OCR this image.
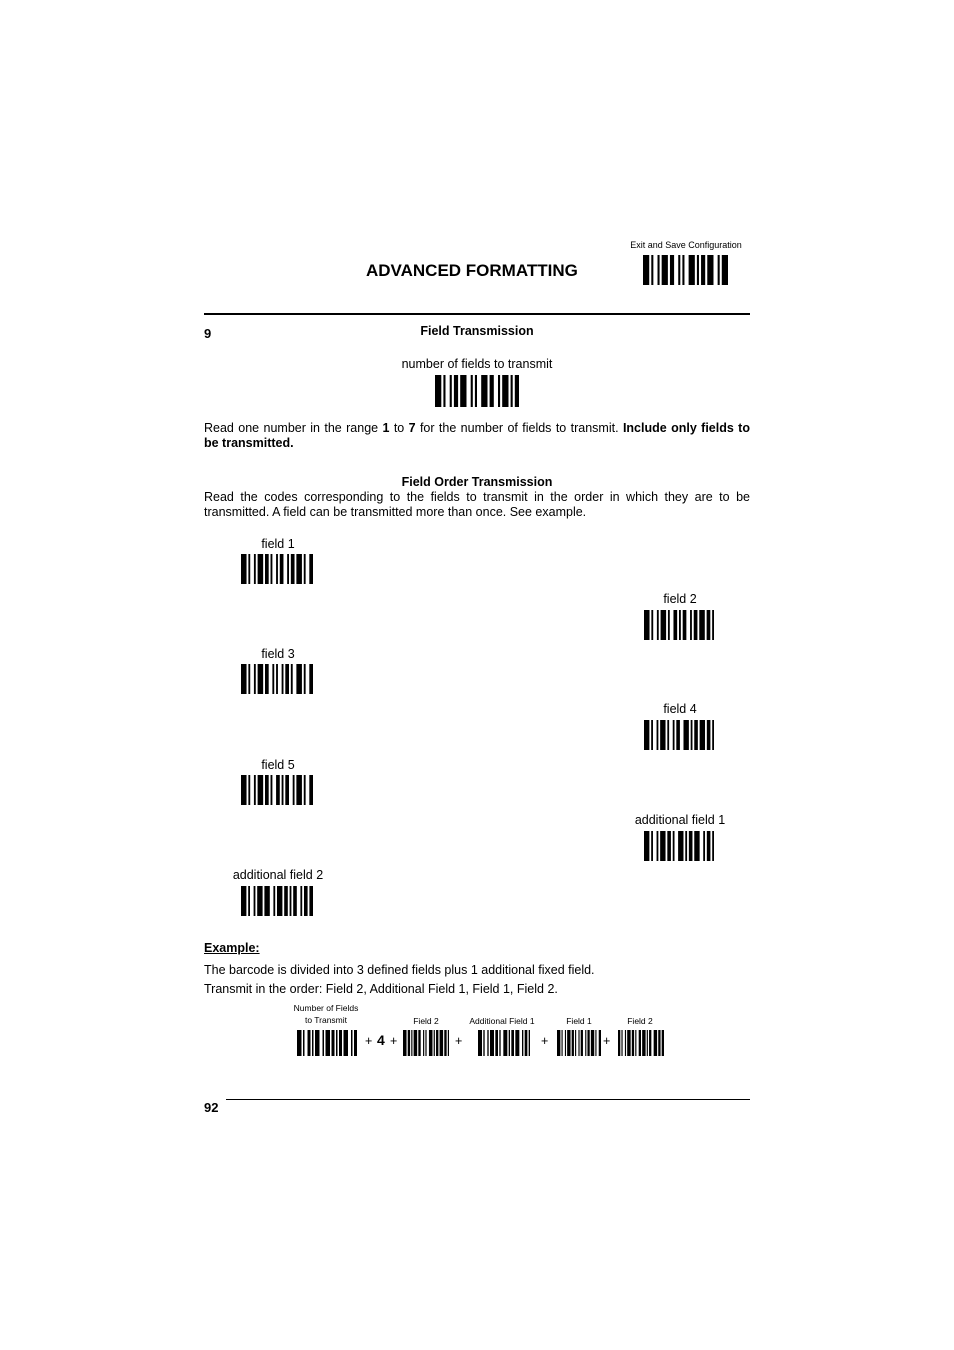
Exit and Save Configuration
ADVANCED FORMATTING
9	Field Transmission
number of fields to transmit
Read one number in the range 1 to 7 for the number of fields to transmit. Include only fields to be transmitted.
Field Order Transmission
Read the codes corresponding to the fields to transmit in the order in which they are to be transmitted. A field can be transmitted more than once. See example.
field 1
field 2
field 3
field 4
field 5
additional field 1
additional field 2
Example:
The barcode is divided into 3 defined fields plus 1 additional fixed field.
Transmit in the order: Field 2, Additional Field 1, Field 1, Field 2.
Number of Fields
to Transmit	Field 2	Additional Field 1	Field 1	Field 2
+ 4 +	+	+	+
92
